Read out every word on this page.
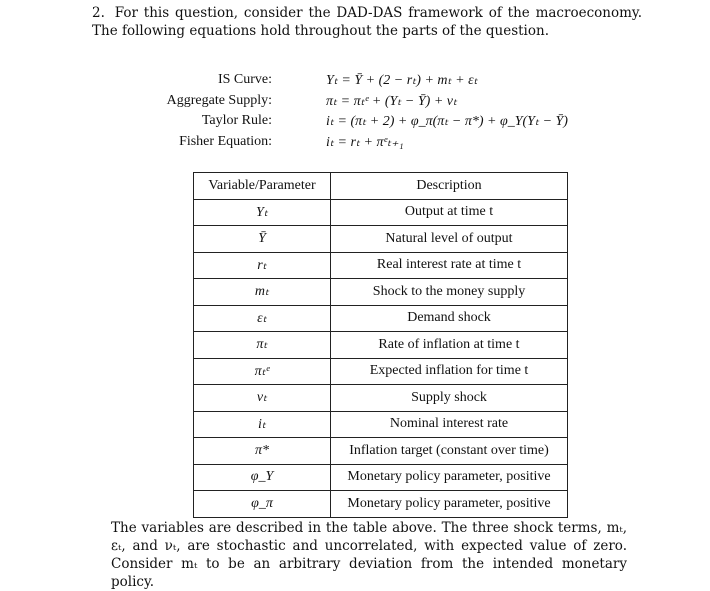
2. For this question, consider the DAD-DAS framework of the macroeconomy. The following equations hold throughout the parts of the question.
IS Curve:	Yₜ = Ȳ + (2 − rₜ) + mₜ + εₜ
Aggregate Supply:	πₜ = πₜᵉ + (Yₜ − Ȳ) + νₜ
Taylor Rule:	iₜ = (πₜ + 2) + φ_π(πₜ − π*) + φ_Y(Yₜ − Ȳ)
Fisher Equation:	iₜ = rₜ + πᵉₜ₊₁
Variable/Parameter	Description
Yₜ	Output at time t
Ȳ	Natural level of output
rₜ	Real interest rate at time t
mₜ	Shock to the money supply
εₜ	Demand shock
πₜ	Rate of inflation at time t
πₜᵉ	Expected inflation for time t
νₜ	Supply shock
iₜ	Nominal interest rate
π*	Inflation target (constant over time)
φ_Y	Monetary policy parameter, positive
φ_π	Monetary policy parameter, positive
The variables are described in the table above. The three shock terms, mₜ, εₜ, and νₜ, are stochastic and uncorrelated, with expected value of zero. Consider mₜ to be an arbitrary deviation from the intended monetary policy.
